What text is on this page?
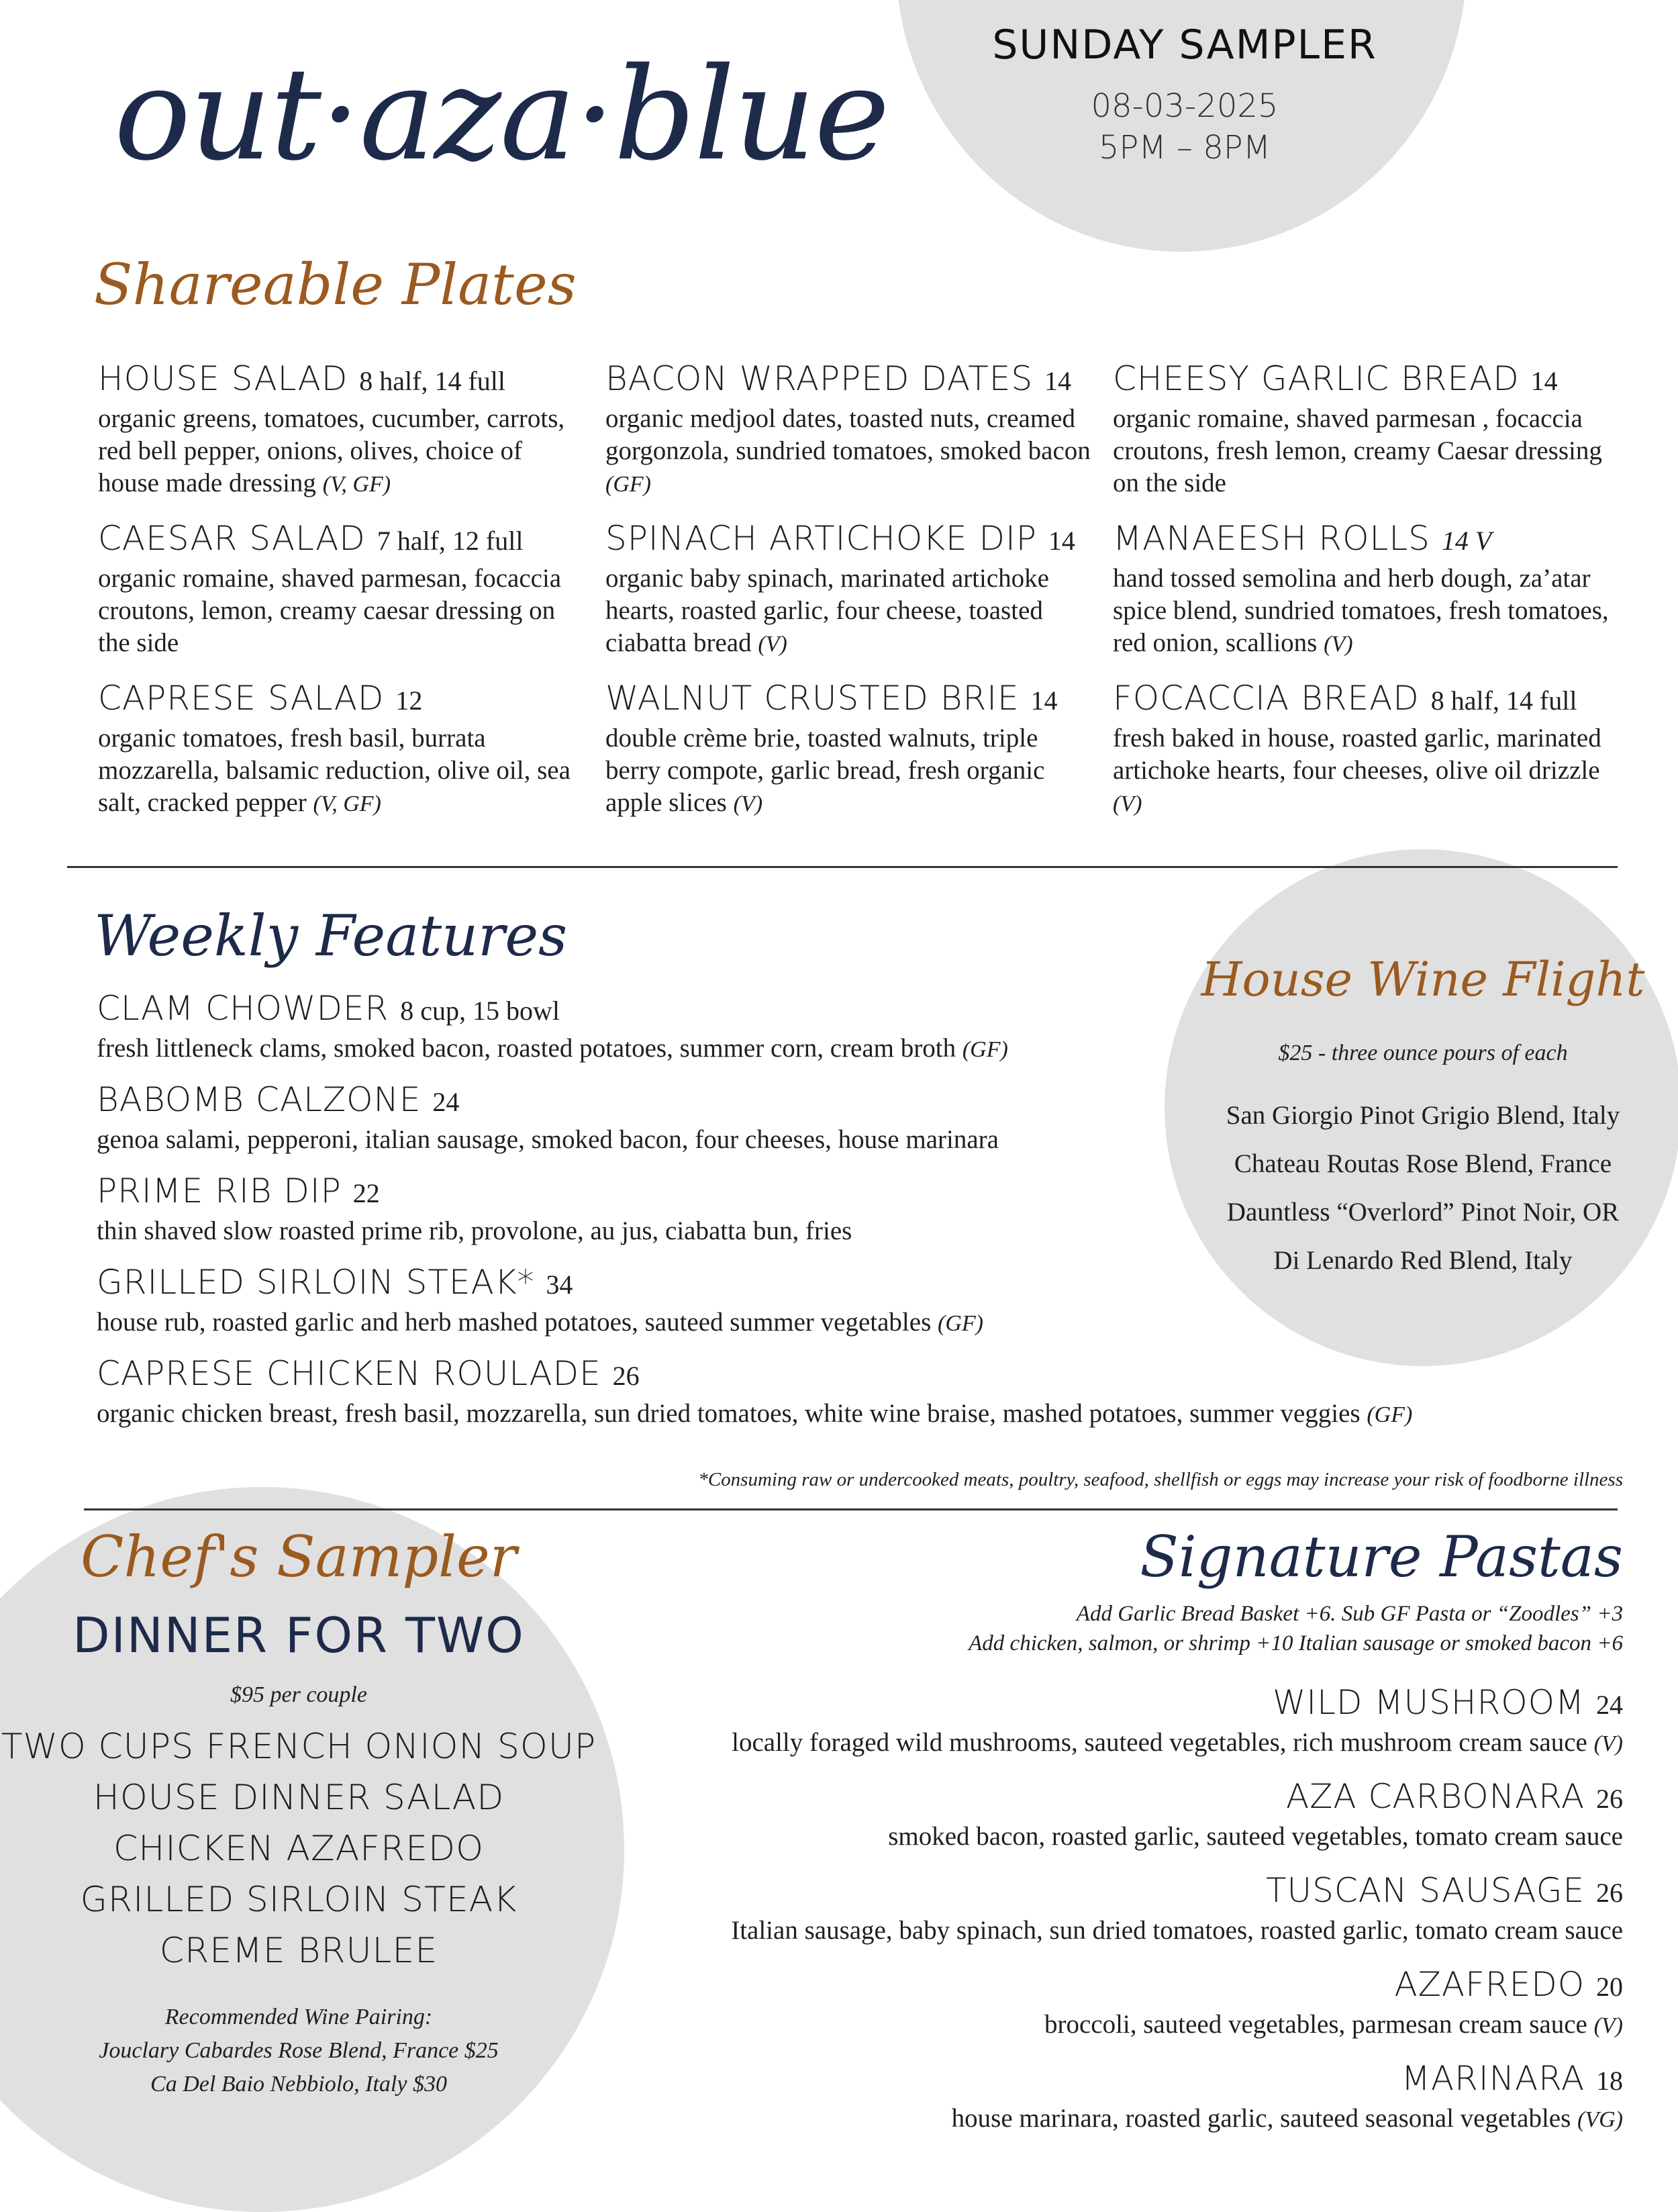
out·aza·blue	SUNDAY SAMPLER
08-03-2025
5PM – 8PM
Shareable Plates
HOUSE SALAD 8 half, 14 full
organic greens, tomatoes, cucumber, carrots, red bell pepper, onions, olives, choice of house made dressing (V, GF)
CAESAR SALAD 7 half, 12 full
organic romaine, shaved parmesan, focaccia croutons, lemon, creamy caesar dressing on the side
CAPRESE SALAD 12
organic tomatoes, fresh basil, burrata mozzarella, balsamic reduction, olive oil, sea salt, cracked pepper (V, GF)
BACON WRAPPED DATES 14
organic medjool dates, toasted nuts, creamed gorgonzola, sundried tomatoes, smoked bacon (GF)
SPINACH ARTICHOKE DIP 14
organic baby spinach, marinated artichoke hearts, roasted garlic, four cheese, toasted ciabatta bread (V)
WALNUT CRUSTED BRIE 14
double crème brie, toasted walnuts, triple berry compote, garlic bread, fresh organic apple slices (V)
CHEESY GARLIC BREAD 14
organic romaine, shaved parmesan , focaccia croutons, fresh lemon, creamy Caesar dressing on the side
MANAEESH ROLLS 14 V
hand tossed semolina and herb dough, za’atar spice blend, sundried tomatoes, fresh tomatoes, red onion, scallions (V)
FOCACCIA BREAD 8 half, 14 full
fresh baked in house, roasted garlic, marinated artichoke hearts, four cheeses, olive oil drizzle (V)
Weekly Features
CLAM CHOWDER 8 cup, 15 bowl
fresh littleneck clams, smoked bacon, roasted potatoes, summer corn, cream broth (GF)
BABOMB CALZONE 24
genoa salami, pepperoni, italian sausage, smoked bacon, four cheeses, house marinara
PRIME RIB DIP 22
thin shaved slow roasted prime rib, provolone, au jus, ciabatta bun, fries
GRILLED SIRLOIN STEAK* 34
house rub, roasted garlic and herb mashed potatoes, sauteed summer vegetables (GF)
CAPRESE CHICKEN ROULADE 26
organic chicken breast, fresh basil, mozzarella, sun dried tomatoes, white wine braise, mashed potatoes, summer veggies (GF)
*Consuming raw or undercooked meats, poultry, seafood, shellfish or eggs may increase your risk of foodborne illness
House Wine Flight
$25 - three ounce pours of each
San Giorgio Pinot Grigio Blend, Italy
Chateau Routas Rose Blend, France
Dauntless “Overlord” Pinot Noir, OR
Di Lenardo Red Blend, Italy
Chef's Sampler
DINNER FOR TWO
$95 per couple
TWO CUPS FRENCH ONION SOUP
HOUSE DINNER SALAD
CHICKEN AZAFREDO
GRILLED SIRLOIN STEAK
CREME BRULEE
Recommended Wine Pairing:
Jouclary Cabardes Rose Blend, France $25
Ca Del Baio Nebbiolo, Italy $30
Signature Pastas
Add Garlic Bread Basket +6. Sub GF Pasta or “Zoodles” +3
Add chicken, salmon, or shrimp +10 Italian sausage or smoked bacon +6
WILD MUSHROOM 24
locally foraged wild mushrooms, sauteed vegetables, rich mushroom cream sauce (V)
AZA CARBONARA 26
smoked bacon, roasted garlic, sauteed vegetables, tomato cream sauce
TUSCAN SAUSAGE 26
Italian sausage, baby spinach, sun dried tomatoes, roasted garlic, tomato cream sauce
AZAFREDO 20
broccoli, sauteed vegetables, parmesan cream sauce (V)
MARINARA 18
house marinara, roasted garlic, sauteed seasonal vegetables (VG)
